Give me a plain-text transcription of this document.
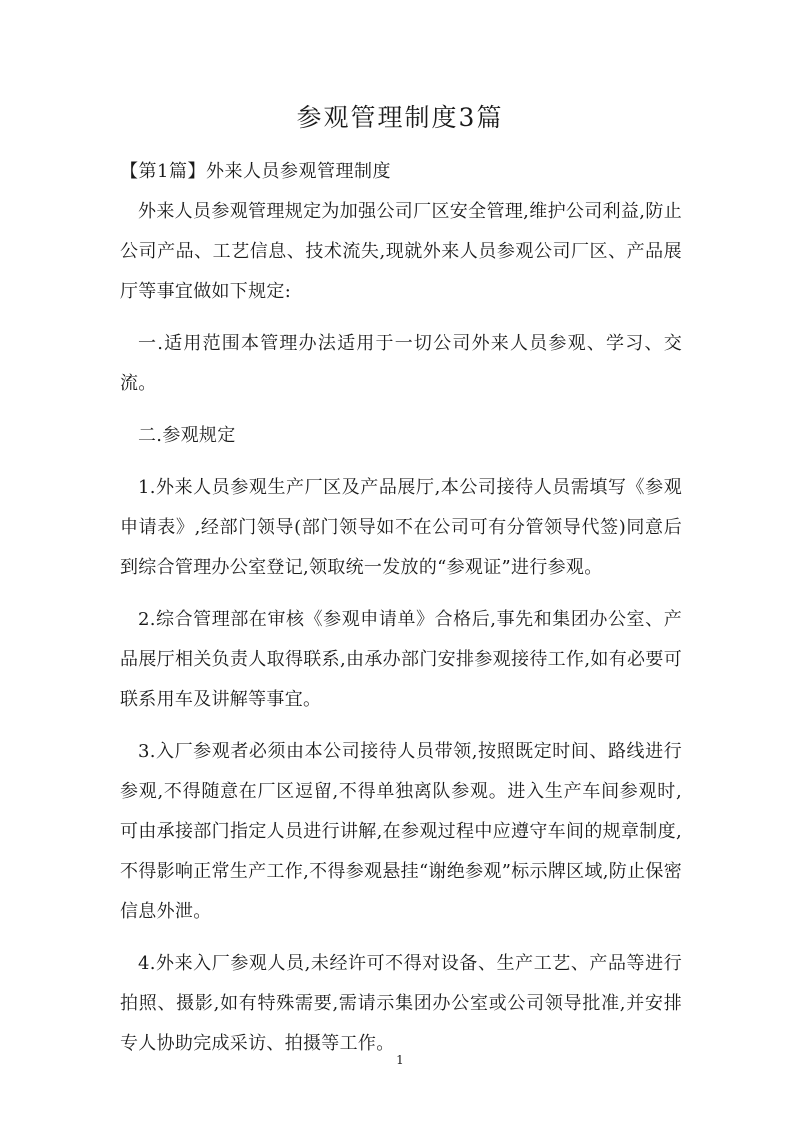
参观管理制度3篇

【第1篇】外来人员参观管理制度

外来人员参观管理规定为加强公司厂区安全管理,维护公司利益,防止公司产品、工艺信息、技术流失,现就外来人员参观公司厂区、产品展厅等事宜做如下规定:

一.适用范围本管理办法适用于一切公司外来人员参观、学习、交流。

二.参观规定

1.外来人员参观生产厂区及产品展厅,本公司接待人员需填写《参观申请表》,经部门领导(部门领导如不在公司可有分管领导代签)同意后到综合管理办公室登记,领取统一发放的“参观证”进行参观。

2.综合管理部在审核《参观申请单》合格后,事先和集团办公室、产品展厅相关负责人取得联系,由承办部门安排参观接待工作,如有必要可联系用车及讲解等事宜。

3.入厂参观者必须由本公司接待人员带领,按照既定时间、路线进行参观,不得随意在厂区逗留,不得单独离队参观。进入生产车间参观时,可由承接部门指定人员进行讲解,在参观过程中应遵守车间的规章制度,不得影响正常生产工作,不得参观悬挂“谢绝参观”标示牌区域,防止保密信息外泄。

4.外来入厂参观人员,未经许可不得对设备、生产工艺、产品等进行拍照、摄影,如有特殊需要,需请示集团办公室或公司领导批准,并安排专人协助完成采访、拍摄等工作。

1
